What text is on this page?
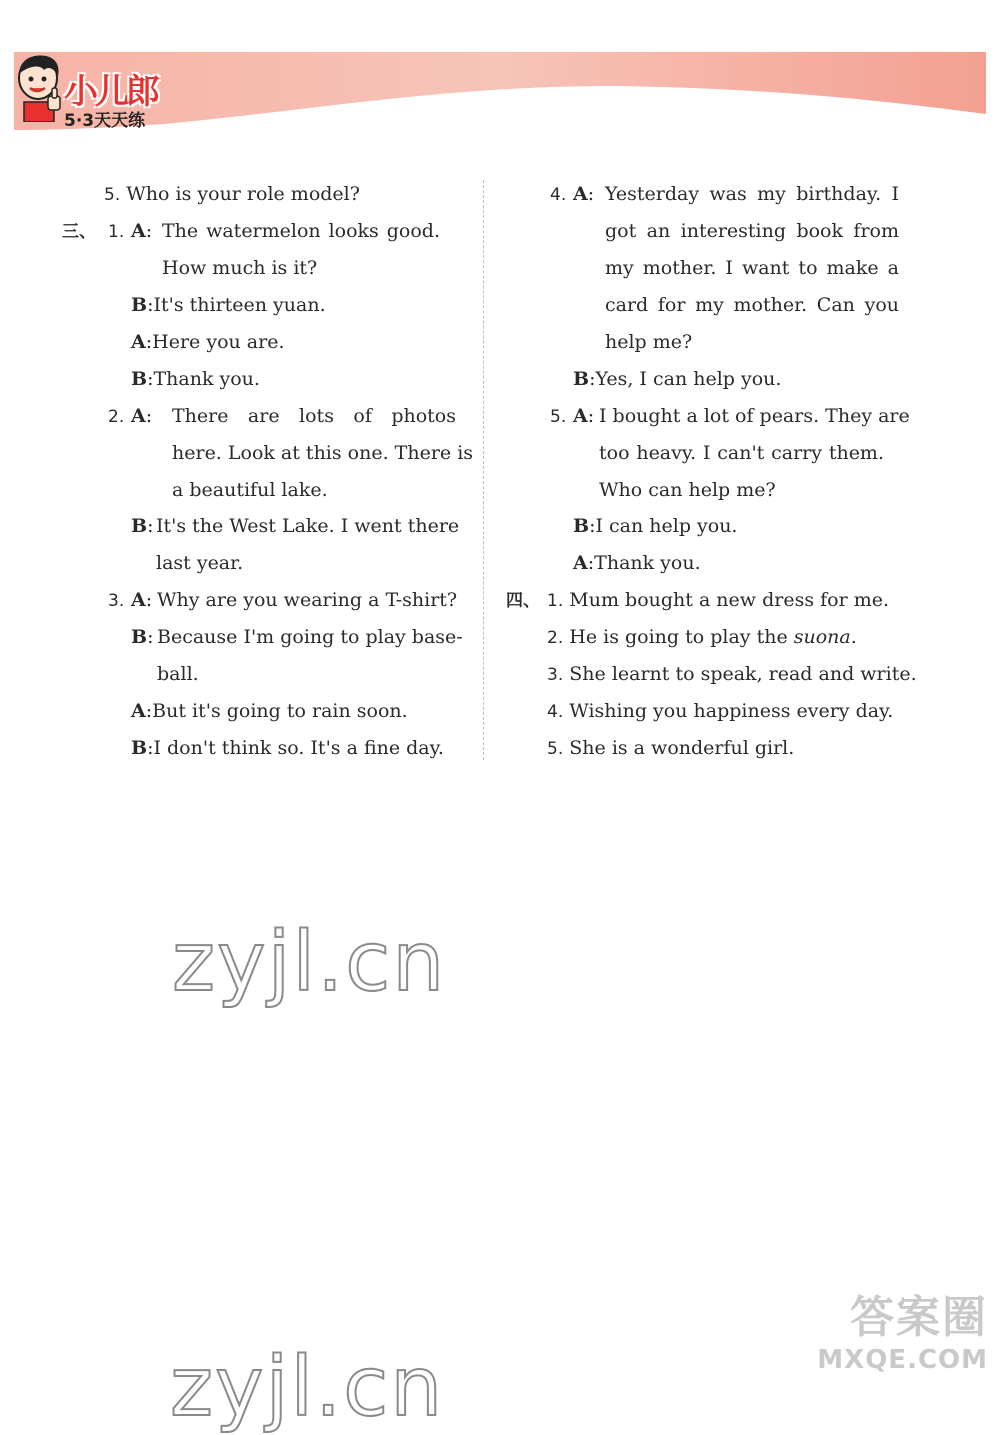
小儿郎
5·3天天练
5. Who is your role model?
三、 1. A: The watermelon looks good.
How much is it?
B:It's thirteen yuan.
A:Here you are.
B:Thank you.
2. A: There are lots of photos
here. Look at this one. There is
a beautiful lake.
B: It's the West Lake. I went there
last year.
3. A: Why are you wearing a T-shirt?
B: Because I'm going to play base-
ball.
A:But it's going to rain soon.
B:I don't think so. It's a fine day.
4. A: Yesterday was my birthday. I
got an interesting book from
my mother. I want to make a
card for my mother. Can you
help me?
B:Yes, I can help you.
5. A: I bought a lot of pears. They are
too heavy. I can't carry them.
Who can help me?
B:I can help you.
A:Thank you.
四、 1. Mum bought a new dress for me.
2. He is going to play the suona.
3. She learnt to speak, read and write.
4. Wishing you happiness every day.
5. She is a wonderful girl.
zyjl.cn
zyjl.cn
答案圈
MXQE.COM
